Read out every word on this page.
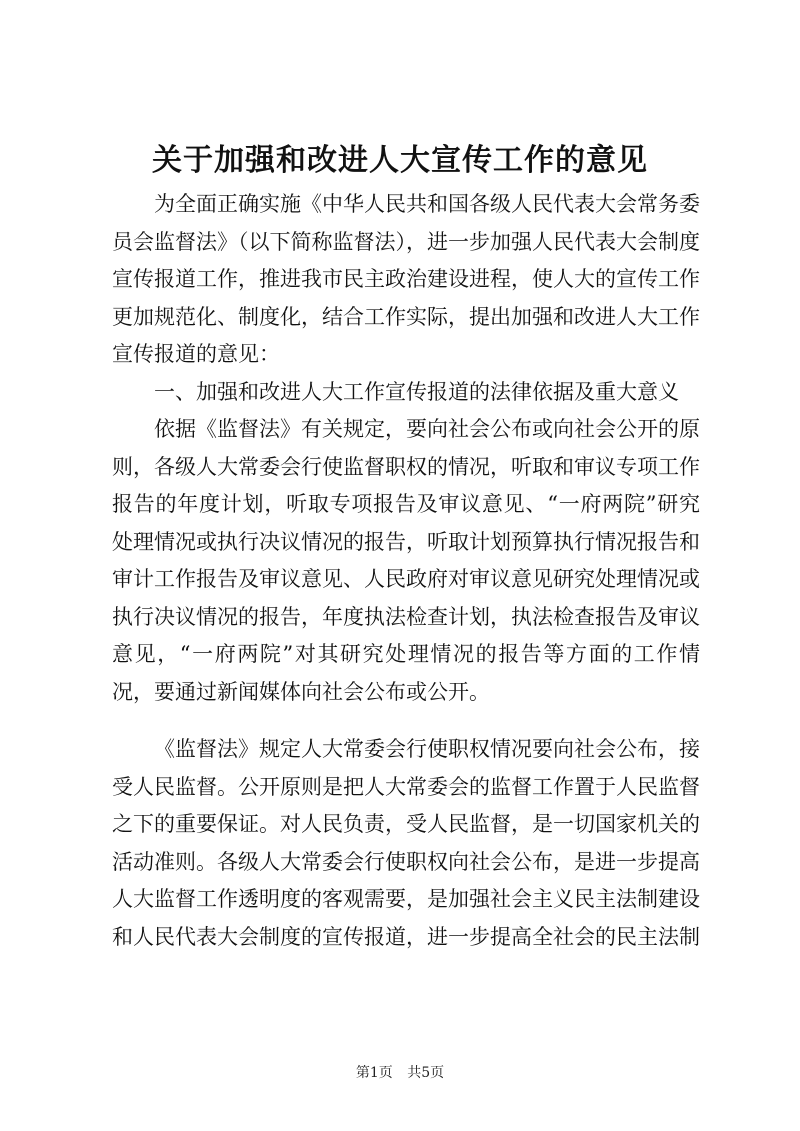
关于加强和改进人大宣传工作的意见

为全面正确实施《中华人民共和国各级人民代表大会常务委员会监督法》（以下简称监督法），进一步加强人民代表大会制度宣传报道工作，推进我市民主政治建设进程，使人大的宣传工作更加规范化、制度化，结合工作实际，提出加强和改进人大工作宣传报道的意见：

一、加强和改进人大工作宣传报道的法律依据及重大意义

依据《监督法》有关规定，要向社会公布或向社会公开的原则，各级人大常委会行使监督职权的情况，听取和审议专项工作报告的年度计划，听取专项报告及审议意见、“一府两院”研究处理情况或执行决议情况的报告，听取计划预算执行情况报告和审计工作报告及审议意见、人民政府对审议意见研究处理情况或执行决议情况的报告，年度执法检查计划，执法检查报告及审议意见，“一府两院”对其研究处理情况的报告等方面的工作情况，要通过新闻媒体向社会公布或公开。

《监督法》规定人大常委会行使职权情况要向社会公布，接受人民监督。公开原则是把人大常委会的监督工作置于人民监督之下的重要保证。对人民负责，受人民监督，是一切国家机关的活动准则。各级人大常委会行使职权向社会公布，是进一步提高人大监督工作透明度的客观需要，是加强社会主义民主法制建设和人民代表大会制度的宣传报道，进一步提高全社会的民主法制

第1页 共5页
